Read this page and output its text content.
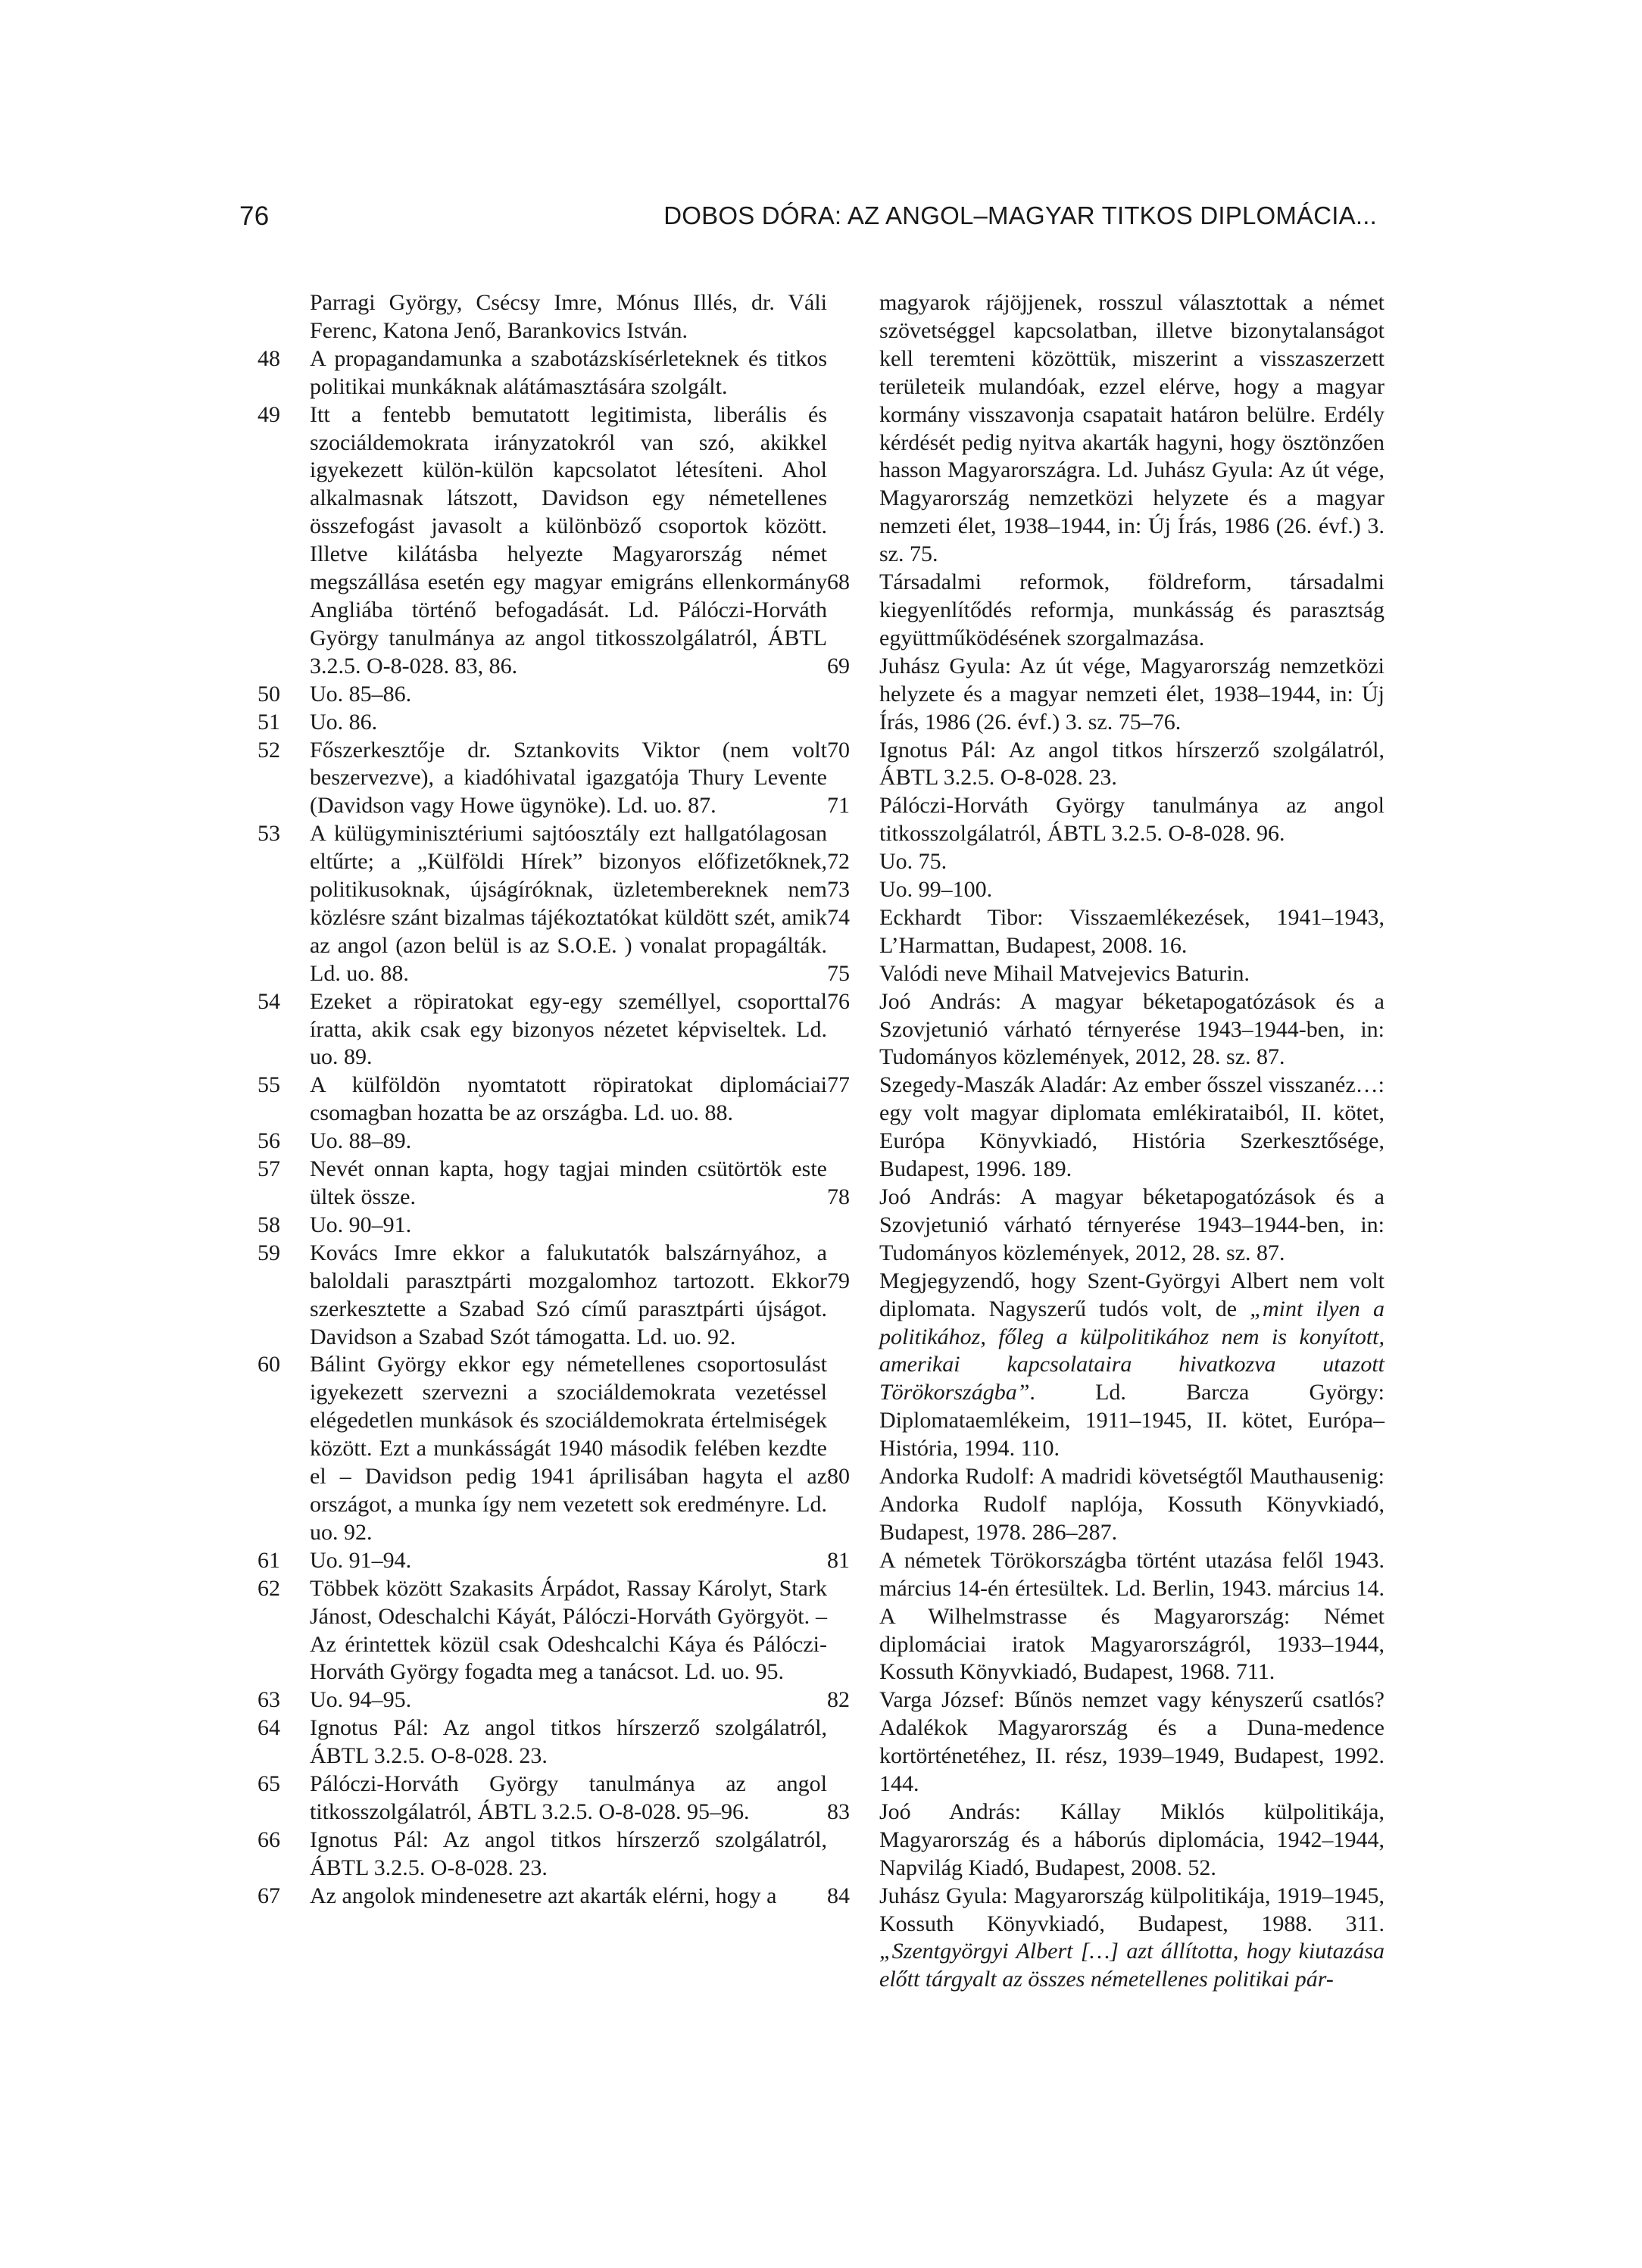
76	DOBOS DÓRA: AZ ANGOL–MAGYAR TITKOS DIPLOMÁCIA...
Parragi György, Csécsy Imre, Mónus Illés, dr. Váli Ferenc, Katona Jenő, Barankovics István.
48	A propagandamunka a szabotázskísérleteknek és titkos politikai munkáknak alátámasztására szolgált.
49	Itt a fentebb bemutatott legitimista, liberális és szociáldemokrata irányzatokról van szó, akikkel igyekezett külön-külön kapcsolatot létesíteni. Ahol alkalmasnak látszott, Davidson egy németellenes összefogást javasolt a különböző csoportok között. Illetve kilátásba helyezte Magyarország német megszállása esetén egy magyar emigráns ellenkormány Angliába történő befogadását. Ld. Pálóczi-Horváth György tanulmánya az angol titkosszolgálatról, ÁBTL 3.2.5. O-8-028. 83, 86.
50	Uo. 85–86.
51	Uo. 86.
52	Főszerkesztője dr. Sztankovits Viktor (nem volt beszervezve), a kiadóhivatal igazgatója Thury Levente (Davidson vagy Howe ügynöke). Ld. uo. 87.
53	A külügyminisztériumi sajtóosztály ezt hallgatólagosan eltűrte; a „Külföldi Hírek” bizonyos előfizetőknek, politikusoknak, újságíróknak, üzletembereknek nem közlésre szánt bizalmas tájékoztatókat küldött szét, amik az angol (azon belül is az S.O.E. ) vonalat propagálták. Ld. uo. 88.
54	Ezeket a röpiratokat egy-egy személlyel, csoporttal íratta, akik csak egy bizonyos nézetet képviseltek. Ld. uo. 89.
55	A külföldön nyomtatott röpiratokat diplomáciai csomagban hozatta be az országba. Ld. uo. 88.
56	Uo. 88–89.
57	Nevét onnan kapta, hogy tagjai minden csütörtök este ültek össze.
58	Uo. 90–91.
59	Kovács Imre ekkor a falukutatók balszárnyához, a baloldali parasztpárti mozgalomhoz tartozott. Ekkor szerkesztette a Szabad Szó című parasztpárti újságot. Davidson a Szabad Szót támogatta. Ld. uo. 92.
60	Bálint György ekkor egy németellenes csoportosulást igyekezett szervezni a szociáldemokrata vezetéssel elégedetlen munkások és szociáldemokrata értelmiségek között. Ezt a munkásságát 1940 második felében kezdte el – Davidson pedig 1941 áprilisában hagyta el az országot, a munka így nem vezetett sok eredményre. Ld. uo. 92.
61	Uo. 91–94.
62	Többek között Szakasits Árpádot, Rassay Károlyt, Stark Jánost, Odeschalchi Káyát, Pálóczi-Horváth Györgyöt. – Az érintettek közül csak Odeshcalchi Káya és Pálóczi-Horváth György fogadta meg a tanácsot. Ld. uo. 95.
63	Uo. 94–95.
64	Ignotus Pál: Az angol titkos hírszerző szolgálatról, ÁBTL 3.2.5. O-8-028. 23.
65	Pálóczi-Horváth György tanulmánya az angol titkosszolgálatról, ÁBTL 3.2.5. O-8-028. 95–96.
66	Ignotus Pál: Az angol titkos hírszerző szolgálatról, ÁBTL 3.2.5. O-8-028. 23.
67	Az angolok mindenesetre azt akarták elérni, hogy a
magyarok rájöjjenek, rosszul választottak a német szövetséggel kapcsolatban, illetve bizonytalanságot kell teremteni közöttük, miszerint a visszaszerzett területeik mulandóak, ezzel elérve, hogy a magyar kormány visszavonja csapatait határon belülre. Erdély kérdését pedig nyitva akarták hagyni, hogy ösztönzően hasson Magyarországra. Ld. Juhász Gyula: Az út vége, Magyarország nemzetközi helyzete és a magyar nemzeti élet, 1938–1944, in: Új Írás, 1986 (26. évf.) 3. sz. 75.
68	Társadalmi reformok, földreform, társadalmi kiegyenlítődés reformja, munkásság és parasztság együttműködésének szorgalmazása.
69	Juhász Gyula: Az út vége, Magyarország nemzetközi helyzete és a magyar nemzeti élet, 1938–1944, in: Új Írás, 1986 (26. évf.) 3. sz. 75–76.
70	Ignotus Pál: Az angol titkos hírszerző szolgálatról, ÁBTL 3.2.5. O-8-028. 23.
71	Pálóczi-Horváth György tanulmánya az angol titkosszolgálatról, ÁBTL 3.2.5. O-8-028. 96.
72	Uo. 75.
73	Uo. 99–100.
74	Eckhardt Tibor: Visszaemlékezések, 1941–1943, L’Harmattan, Budapest, 2008. 16.
75	Valódi neve Mihail Matvejevics Baturin.
76	Joó András: A magyar béketapogatózások és a Szovjetunió várható térnyerése 1943–1944-ben, in: Tudományos közlemények, 2012, 28. sz. 87.
77	Szegedy-Maszák Aladár: Az ember ősszel visszanéz…: egy volt magyar diplomata emlékirataiból, II. kötet, Európa Könyvkiadó, História Szerkesztősége, Budapest, 1996. 189.
78	Joó András: A magyar béketapogatózások és a Szovjetunió várható térnyerése 1943–1944-ben, in: Tudományos közlemények, 2012, 28. sz. 87.
79	Megjegyzendő, hogy Szent-Györgyi Albert nem volt diplomata. Nagyszerű tudós volt, de „mint ilyen a politikához, főleg a külpolitikához nem is konyított, amerikai kapcsolataira hivatkozva utazott Törökországba”. Ld. Barcza György: Diplomataemlékeim, 1911–1945, II. kötet, Európa–História, 1994. 110.
80	Andorka Rudolf: A madridi követségtől Mauthausenig: Andorka Rudolf naplója, Kossuth Könyvkiadó, Budapest, 1978. 286–287.
81	A németek Törökországba történt utazása felől 1943. március 14-én értesültek. Ld. Berlin, 1943. március 14. A Wilhelmstrasse és Magyarország: Német diplomáciai iratok Magyarországról, 1933–1944, Kossuth Könyvkiadó, Budapest, 1968. 711.
82	Varga József: Bűnös nemzet vagy kényszerű csatlós? Adalékok Magyarország és a Duna-medence kortörténetéhez, II. rész, 1939–1949, Budapest, 1992. 144.
83	Joó András: Kállay Miklós külpolitikája, Magyarország és a háborús diplomácia, 1942–1944, Napvilág Kiadó, Budapest, 2008. 52.
84	Juhász Gyula: Magyarország külpolitikája, 1919–1945, Kossuth Könyvkiadó, Budapest, 1988. 311. „Szentgyörgyi Albert […] azt állította, hogy kiutazása előtt tárgyalt az összes németellenes politikai pár-
